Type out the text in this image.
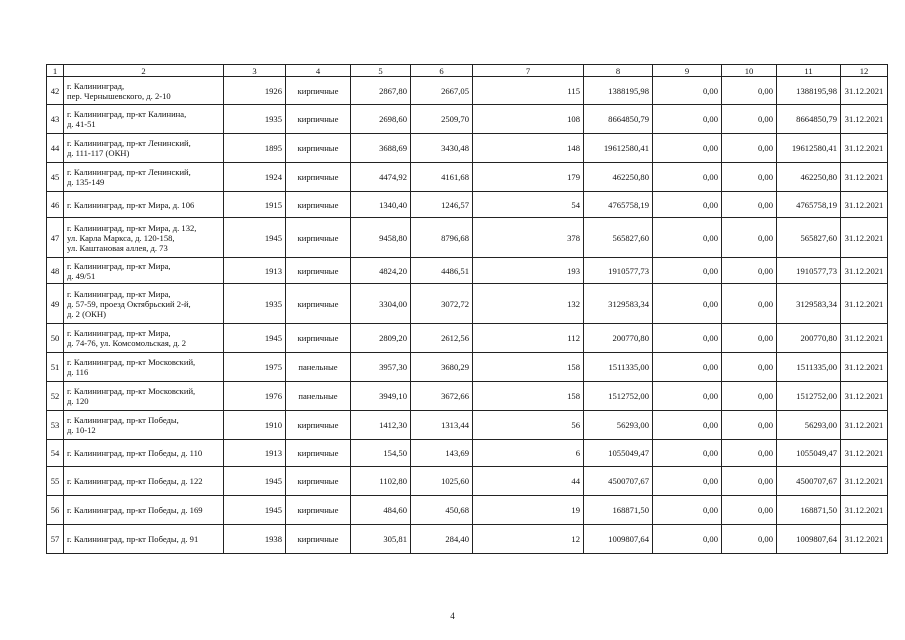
1	2	3	4	5	6	7	8	9	10	11	12
42	г. Калининград,
пер. Чернышевского, д. 2-10	1926	кирпичные	2867,80	2667,05	115	1388195,98	0,00	0,00	1388195,98	31.12.2021
43	г. Калининград, пр-кт Калинина,
д. 41-51	1935	кирпичные	2698,60	2509,70	108	8664850,79	0,00	0,00	8664850,79	31.12.2021
44	г. Калининград, пр-кт Ленинский,
д. 111-117 (ОКН)	1895	кирпичные	3688,69	3430,48	148	19612580,41	0,00	0,00	19612580,41	31.12.2021
45	г. Калининград, пр-кт Ленинский,
д. 135-149	1924	кирпичные	4474,92	4161,68	179	462250,80	0,00	0,00	462250,80	31.12.2021
46	г. Калининград, пр-кт Мира, д. 106	1915	кирпичные	1340,40	1246,57	54	4765758,19	0,00	0,00	4765758,19	31.12.2021
47	г. Калининград, пр-кт Мира, д. 132,
ул. Карла Маркса, д. 120-158,
ул. Каштановая аллея, д. 73	1945	кирпичные	9458,80	8796,68	378	565827,60	0,00	0,00	565827,60	31.12.2021
48	г. Калининград, пр-кт Мира,
д. 49/51	1913	кирпичные	4824,20	4486,51	193	1910577,73	0,00	0,00	1910577,73	31.12.2021
49	г. Калининград, пр-кт Мира,
д. 57-59, проезд Октябрьский 2-й,
д. 2 (ОКН)	1935	кирпичные	3304,00	3072,72	132	3129583,34	0,00	0,00	3129583,34	31.12.2021
50	г. Калининград, пр-кт Мира,
д. 74-76, ул. Комсомольская, д. 2	1945	кирпичные	2809,20	2612,56	112	200770,80	0,00	0,00	200770,80	31.12.2021
51	г. Калининград, пр-кт Московский,
д. 116	1975	панельные	3957,30	3680,29	158	1511335,00	0,00	0,00	1511335,00	31.12.2021
52	г. Калининград, пр-кт Московский,
д. 120	1976	панельные	3949,10	3672,66	158	1512752,00	0,00	0,00	1512752,00	31.12.2021
53	г. Калининград, пр-кт Победы,
д. 10-12	1910	кирпичные	1412,30	1313,44	56	56293,00	0,00	0,00	56293,00	31.12.2021
54	г. Калининград, пр-кт Победы, д. 110	1913	кирпичные	154,50	143,69	6	1055049,47	0,00	0,00	1055049,47	31.12.2021
55	г. Калининград, пр-кт Победы, д. 122	1945	кирпичные	1102,80	1025,60	44	4500707,67	0,00	0,00	4500707,67	31.12.2021
56	г. Калининград, пр-кт Победы, д. 169	1945	кирпичные	484,60	450,68	19	168871,50	0,00	0,00	168871,50	31.12.2021
57	г. Калининград, пр-кт Победы, д. 91	1938	кирпичные	305,81	284,40	12	1009807,64	0,00	0,00	1009807,64	31.12.2021
4
